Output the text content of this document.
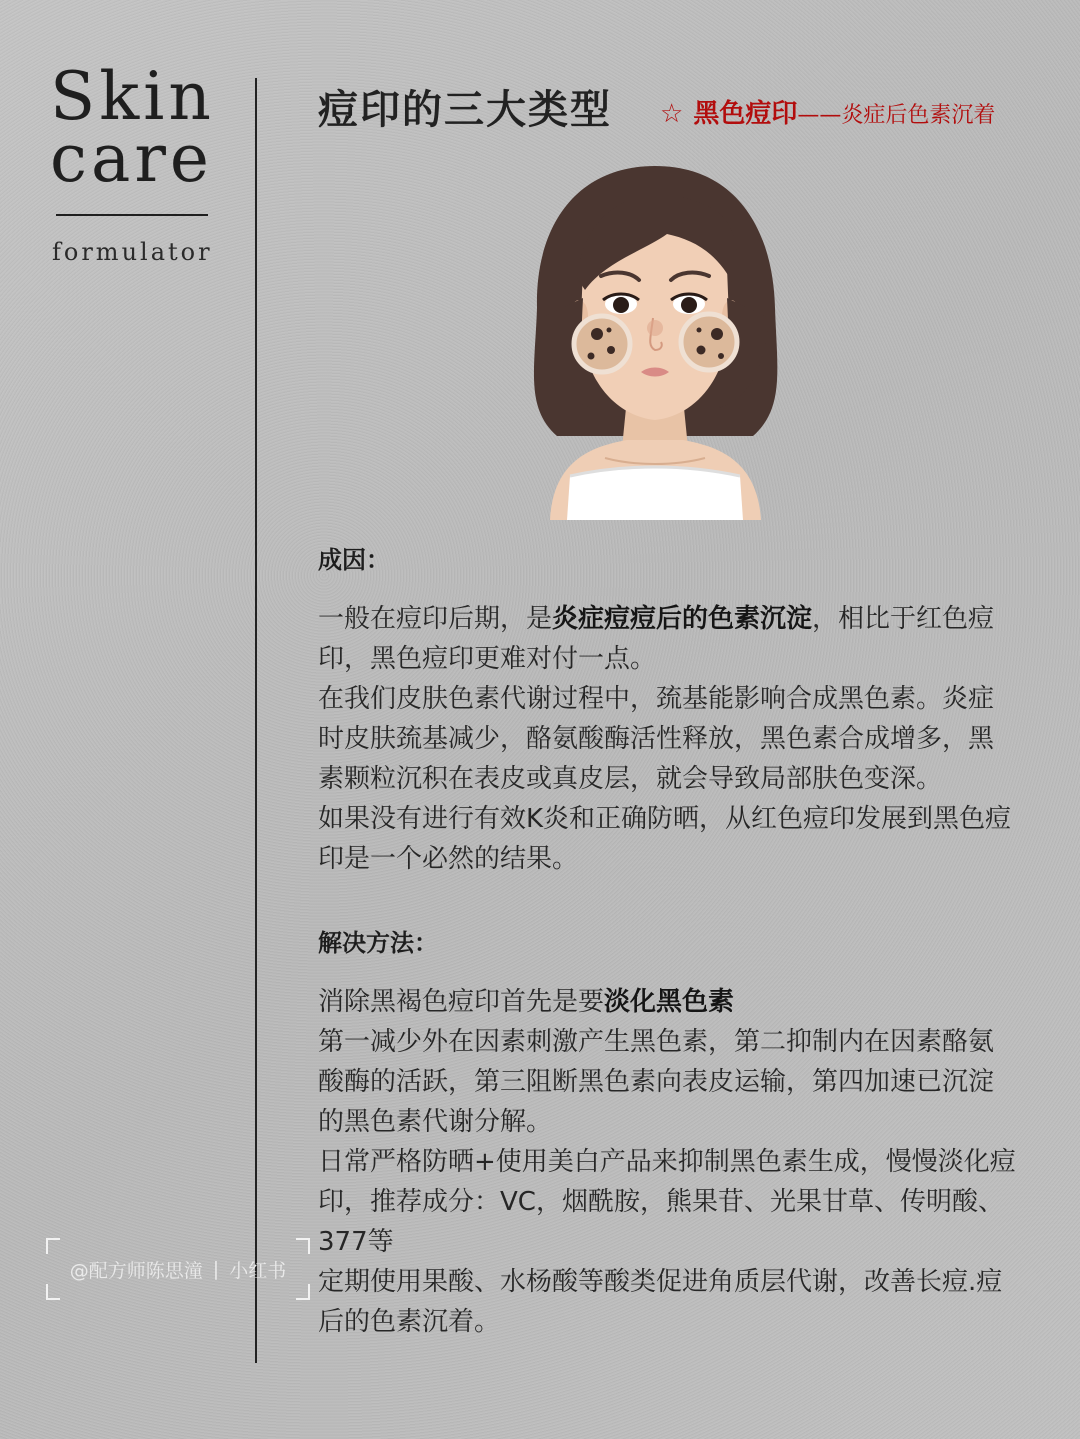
Skin
care
formulator
@配方师陈思潼 | 小红书
痘印的三大类型 ☆ 黑色痘印——炎症后色素沉着
成因：

一般在痘印后期，是炎症痘痘后的色素沉淀，相比于红色痘印，黑色痘印更难对付一点。

在我们皮肤色素代谢过程中，巯基能影响合成黑色素。炎症时皮肤巯基减少，酪氨酸酶活性释放，黑色素合成增多，黑素颗粒沉积在表皮或真皮层，就会导致局部肤色变深。

如果没有进行有效K炎和正确防晒，从红色痘印发展到黑色痘印是一个必然的结果。

解决方法：

消除黑褐色痘印首先是要淡化黑色素

第一减少外在因素刺激产生黑色素，第二抑制内在因素酪氨酸酶的活跃，第三阻断黑色素向表皮运输，第四加速已沉淀的黑色素代谢分解。

日常严格防晒+使用美白产品来抑制黑色素生成，慢慢淡化痘印，推荐成分：VC，烟酰胺，熊果苷、光果甘草、传明酸、377等

定期使用果酸、水杨酸等酸类促进角质层代谢，改善长痘.痘后的色素沉着。
